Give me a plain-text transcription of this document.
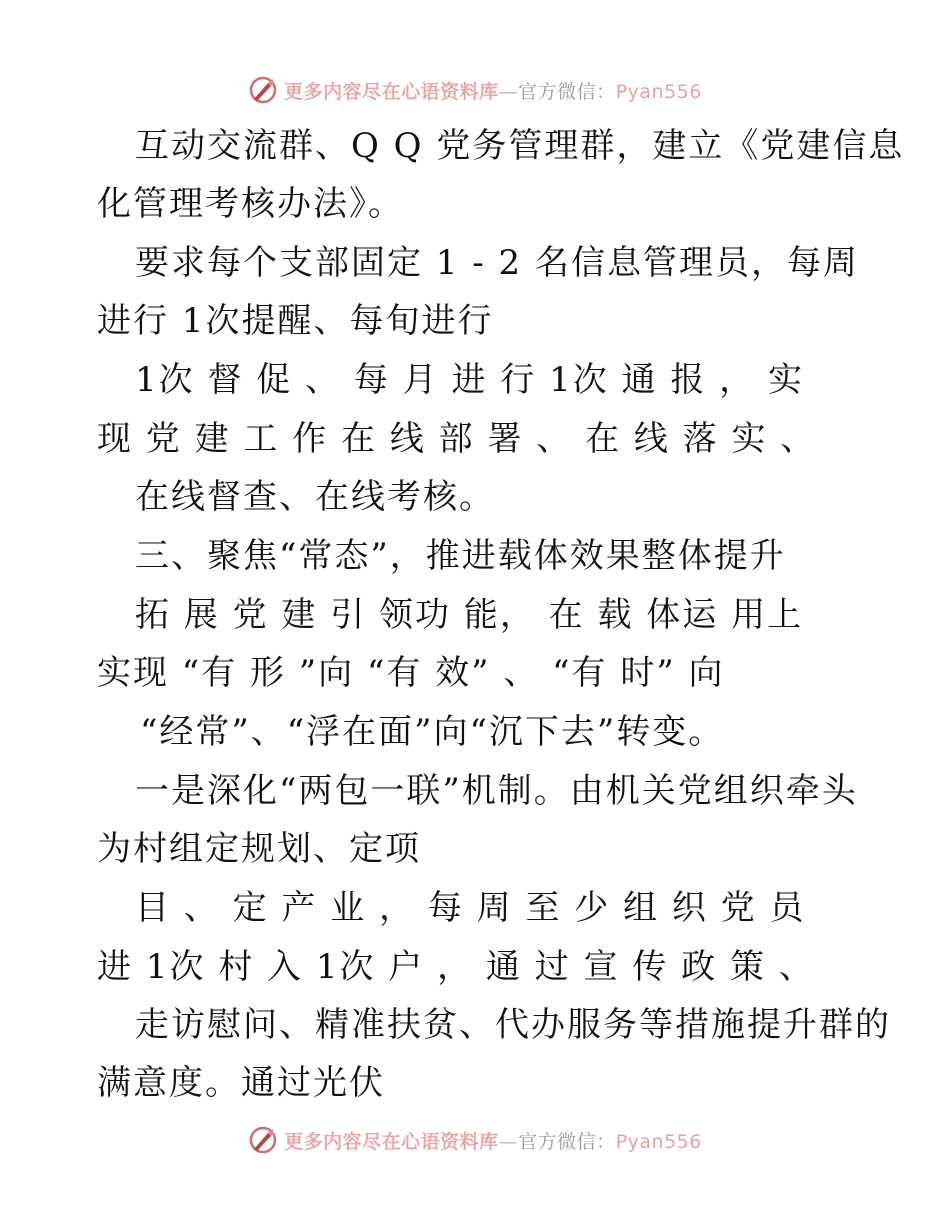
更多内容尽在心语资料库—官方微信：Pyan556
互动交流群、Q Q 党务管理群，建立《党建信息
化管理考核办法》。
要求每个支部固定 1 - 2 名信息管理员，每周
进行 1次提醒、每旬进行
1次 督 促 、 每 月 进 行 1次 通 报 ， 实
现 党 建 工 作 在 线 部 署 、 在 线 落 实 、
在线督查、在线考核。
三、聚焦“常态”，推进载体效果整体提升
拓 展 党 建 引 领功 能， 在 载 体运 用上
实现 “有 形 ”向 “有 效” 、 “有 时” 向
“经常”、“浮在面”向“沉下去”转变。
一是深化“两包一联”机制。由机关党组织牵头
为村组定规划、定项
目 、 定 产 业 ， 每 周 至 少 组 织 党 员
进 1次 村 入 1次 户 ， 通 过 宣 传 政 策 、
走访慰问、精准扶贫、代办服务等措施提升群的
满意度。通过光伏
更多内容尽在心语资料库—官方微信：Pyan556
